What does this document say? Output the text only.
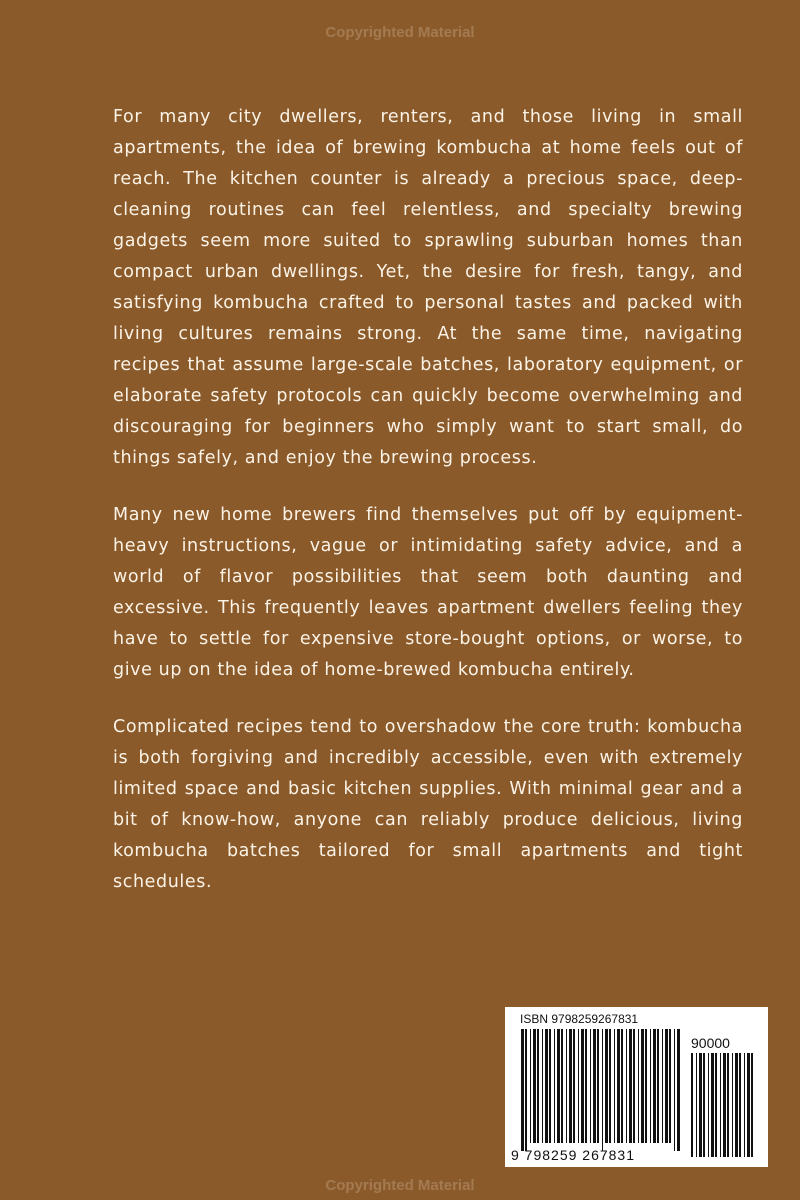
Copyrighted Material

For many city dwellers, renters, and those living in small apartments, the idea of brewing kombucha at home feels out of reach. The kitchen counter is already a precious space, deep-cleaning routines can feel relentless, and specialty brewing gadgets seem more suited to sprawling suburban homes than compact urban dwellings. Yet, the desire for fresh, tangy, and satisfying kombucha crafted to personal tastes and packed with living cultures remains strong. At the same time, navigating recipes that assume large-scale batches, laboratory equipment, or elaborate safety protocols can quickly become overwhelming and discouraging for beginners who simply want to start small, do things safely, and enjoy the brewing process.

Many new home brewers find themselves put off by equipment-heavy instructions, vague or intimidating safety advice, and a world of flavor possibilities that seem both daunting and excessive. This frequently leaves apartment dwellers feeling they have to settle for expensive store-bought options, or worse, to give up on the idea of home-brewed kombucha entirely.

Complicated recipes tend to overshadow the core truth: kombucha is both forgiving and incredibly accessible, even with extremely limited space and basic kitchen supplies. With minimal gear and a bit of know-how, anyone can reliably produce delicious, living kombucha batches tailored for small apartments and tight schedules.

ISBN 9798259267831
90000
9 798259 267831
Copyrighted Material
